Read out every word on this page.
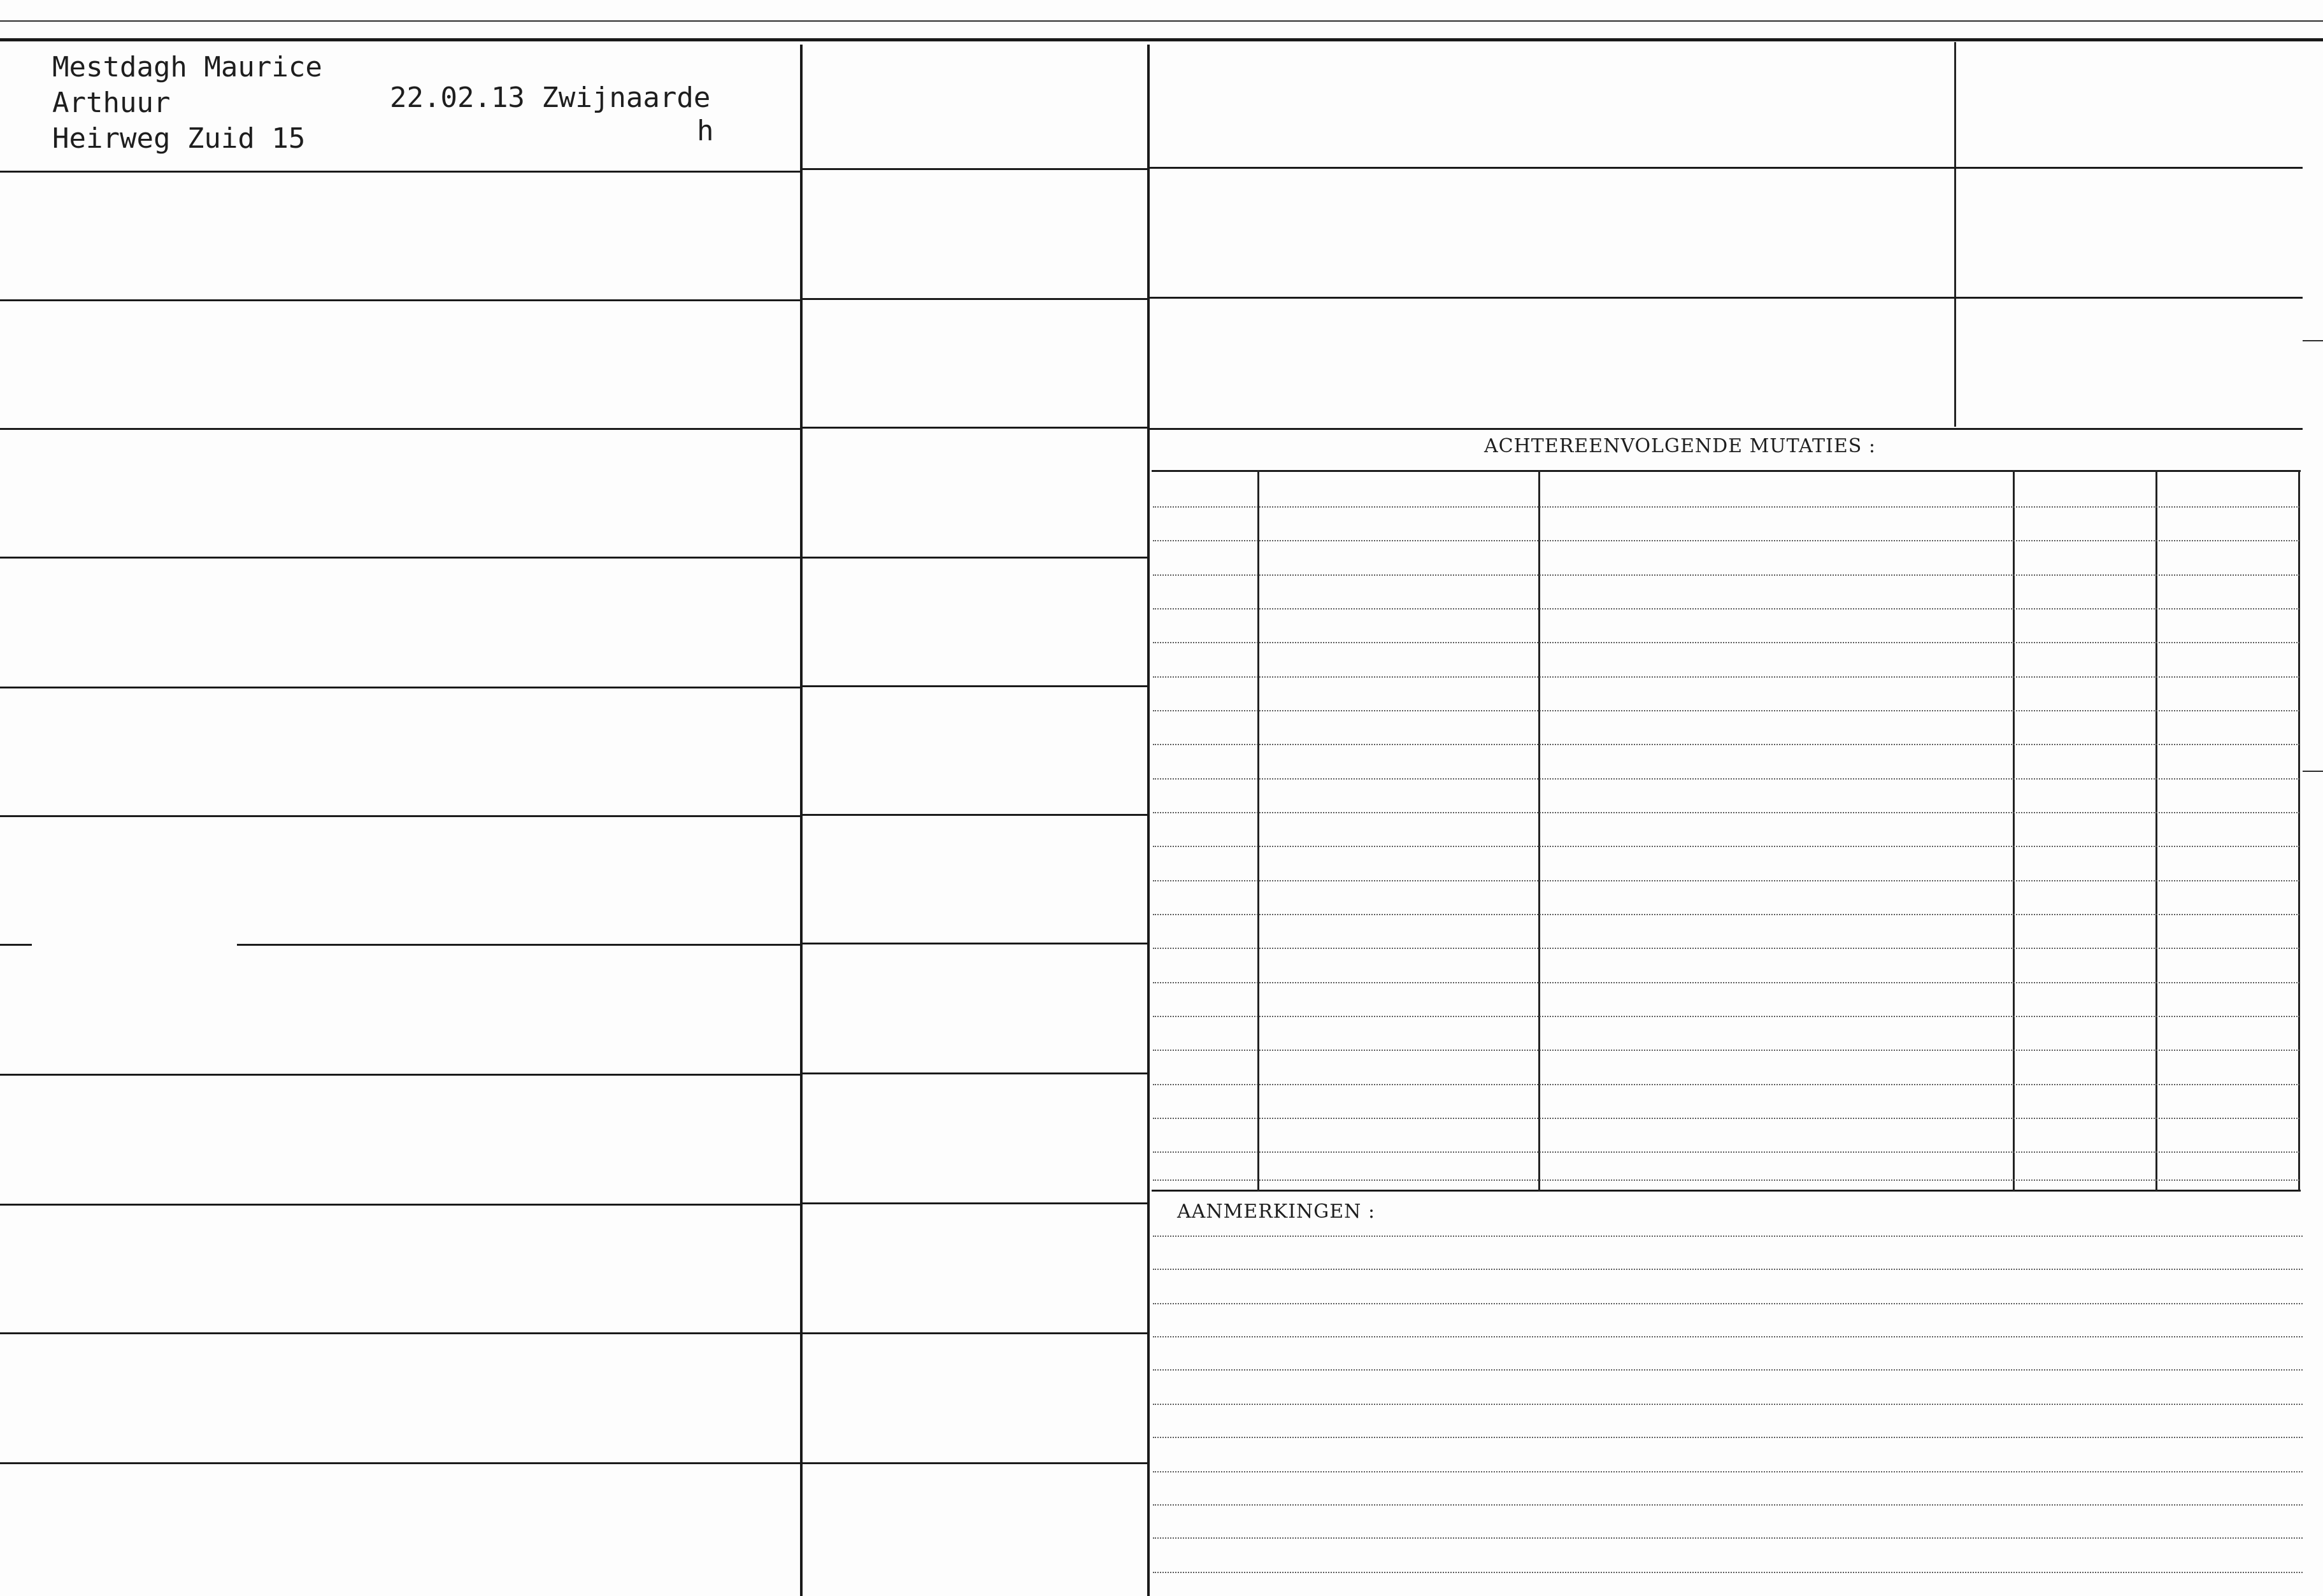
ACHTEREENVOLGENDE MUTATIES :
AANMERKINGEN :
Mestdagh Maurice
Arthuur
Heirweg Zuid 15
22.02.13 Zwijnaarde
h
